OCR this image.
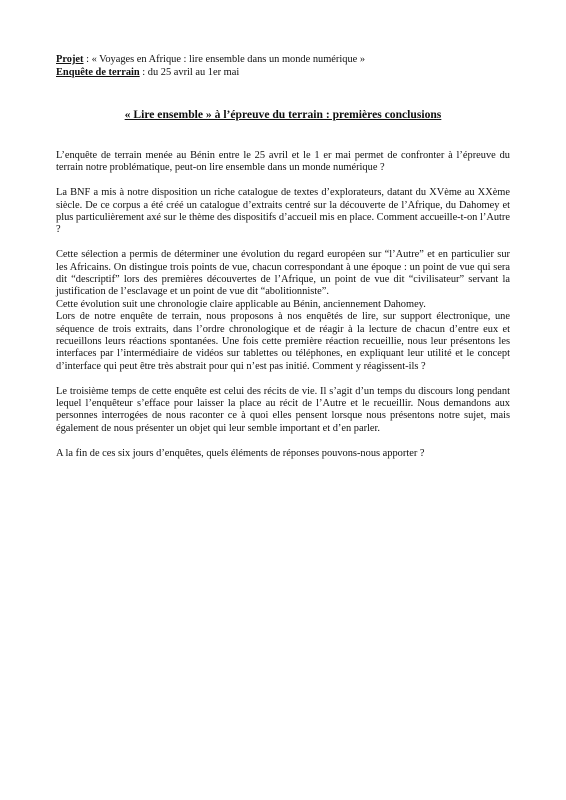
Projet : « Voyages en Afrique : lire ensemble dans un monde numérique »

Enquête de terrain : du 25 avril au 1er mai

« Lire ensemble » à l’épreuve du terrain : premières conclusions

L’enquête de terrain menée au Bénin entre le 25 avril et le 1 er mai permet de confronter à l’épreuve du terrain notre problématique, peut-on lire ensemble dans un monde numérique ?

La BNF a mis à notre disposition un riche catalogue de textes d’explorateurs, datant du XVème au XXème siècle. De ce corpus a été créé un catalogue d’extraits centré sur la découverte de l’Afrique, du Dahomey et plus particulièrement axé sur le thème des dispositifs d’accueil mis en place. Comment accueille-t-on l’Autre ?

Cette sélection a permis de déterminer une évolution du regard européen sur “l’Autre” et en particulier sur les Africains. On distingue trois points de vue, chacun correspondant à une époque : un point de vue qui sera dit “descriptif” lors des premières découvertes de l’Afrique, un point de vue dit “civilisateur” servant la justification de l’esclavage et un point de vue dit “abolitionniste”.

Cette évolution suit une chronologie claire applicable au Bénin, anciennement Dahomey.

Lors de notre enquête de terrain, nous proposons à nos enquêtés de lire, sur support électronique, une séquence de trois extraits, dans l’ordre chronologique et de réagir à la lecture de chacun d’entre eux et recueillons leurs réactions spontanées. Une fois cette première réaction recueillie, nous leur présentons les interfaces par l’intermédiaire de vidéos sur tablettes ou téléphones, en expliquant leur utilité et le concept d’interface qui peut être très abstrait pour qui n’est pas initié. Comment y réagissent-ils ?

Le troisième temps de cette enquête est celui des récits de vie. Il s’agit d’un temps du discours long pendant lequel l’enquêteur s’efface pour laisser la place au récit de l’Autre et le recueillir. Nous demandons aux personnes interrogées de nous raconter ce à quoi elles pensent lorsque nous présentons notre sujet, mais également de nous présenter un objet qui leur semble important et d’en parler.

A la fin de ces six jours d’enquêtes, quels éléments de réponses pouvons-nous apporter ?
